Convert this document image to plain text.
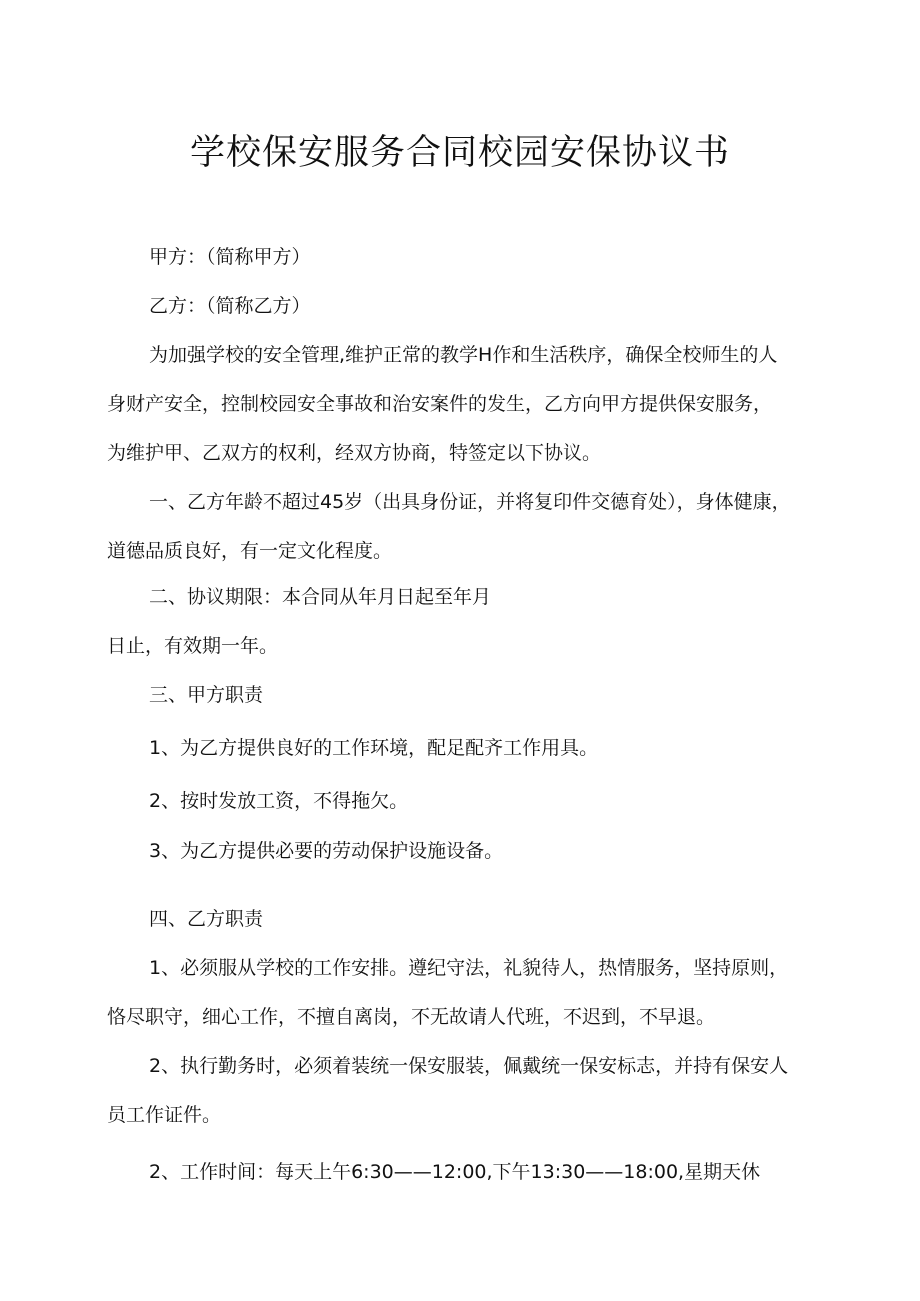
学校保安服务合同校园安保协议书

甲方：（简称甲方）

乙方：（简称乙方）

为加强学校的安全管理,维护正常的教学H作和生活秩序，确保全校师生的人

身财产安全，控制校园安全事故和治安案件的发生，乙方向甲方提供保安服务，

为维护甲、乙双方的权利，经双方协商，特签定以下协议。

一、乙方年龄不超过45岁（出具身份证，并将复印件交德育处），身体健康，

道德品质良好，有一定文化程度。

二、协议期限：本合同从年月日起至年月

日止，有效期一年。

三、甲方职责

1、为乙方提供良好的工作环境，配足配齐工作用具。

2、按时发放工资，不得拖欠。

3、为乙方提供必要的劳动保护设施设备。

四、乙方职责

1、必须服从学校的工作安排。遵纪守法，礼貌待人，热情服务，坚持原则，

恪尽职守，细心工作，不擅自离岗，不无故请人代班，不迟到，不早退。

2、执行勤务时，必须着装统一保安服装，佩戴统一保安标志，并持有保安人

员工作证件。

2、工作时间：每天上午6:30——12:00,下午13:30——18:00,星期天休
